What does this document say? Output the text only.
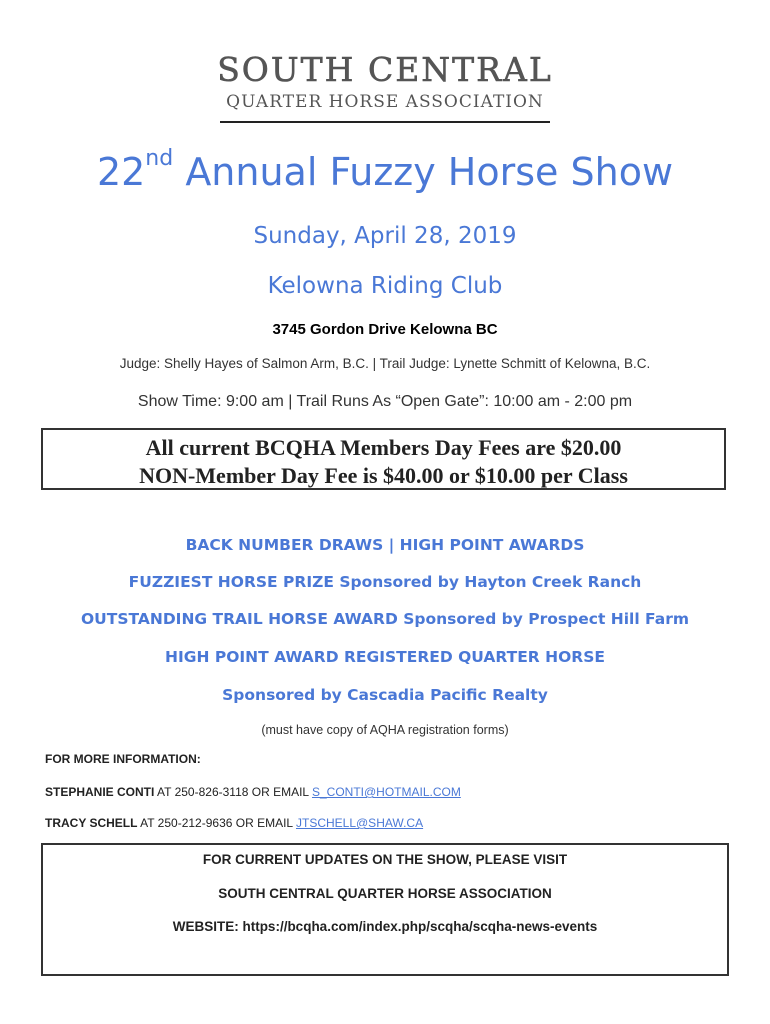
SOUTH CENTRAL
QUARTER HORSE ASSOCIATION
22nd Annual Fuzzy Horse Show
Sunday, April 28, 2019
Kelowna Riding Club
3745 Gordon Drive Kelowna BC
Judge: Shelly Hayes of Salmon Arm, B.C. | Trail Judge: Lynette Schmitt of Kelowna, B.C.
Show Time: 9:00 am | Trail Runs As “Open Gate”: 10:00 am - 2:00 pm
All current BCQHA Members Day Fees are $20.00
NON-Member Day Fee is $40.00 or $10.00 per Class
BACK NUMBER DRAWS | HIGH POINT AWARDS
FUZZIEST HORSE PRIZE Sponsored by Hayton Creek Ranch
OUTSTANDING TRAIL HORSE AWARD Sponsored by Prospect Hill Farm
HIGH POINT AWARD REGISTERED QUARTER HORSE
Sponsored by Cascadia Pacific Realty
(must have copy of AQHA registration forms)
FOR MORE INFORMATION:
STEPHANIE CONTI AT 250-826-3118 OR EMAIL S_CONTI@HOTMAIL.COM
TRACY SCHELL AT 250-212-9636 OR EMAIL JTSCHELL@SHAW.CA
FOR CURRENT UPDATES ON THE SHOW, PLEASE VISIT
SOUTH CENTRAL QUARTER HORSE ASSOCIATION
WEBSITE: https://bcqha.com/index.php/scqha/scqha-news-events
